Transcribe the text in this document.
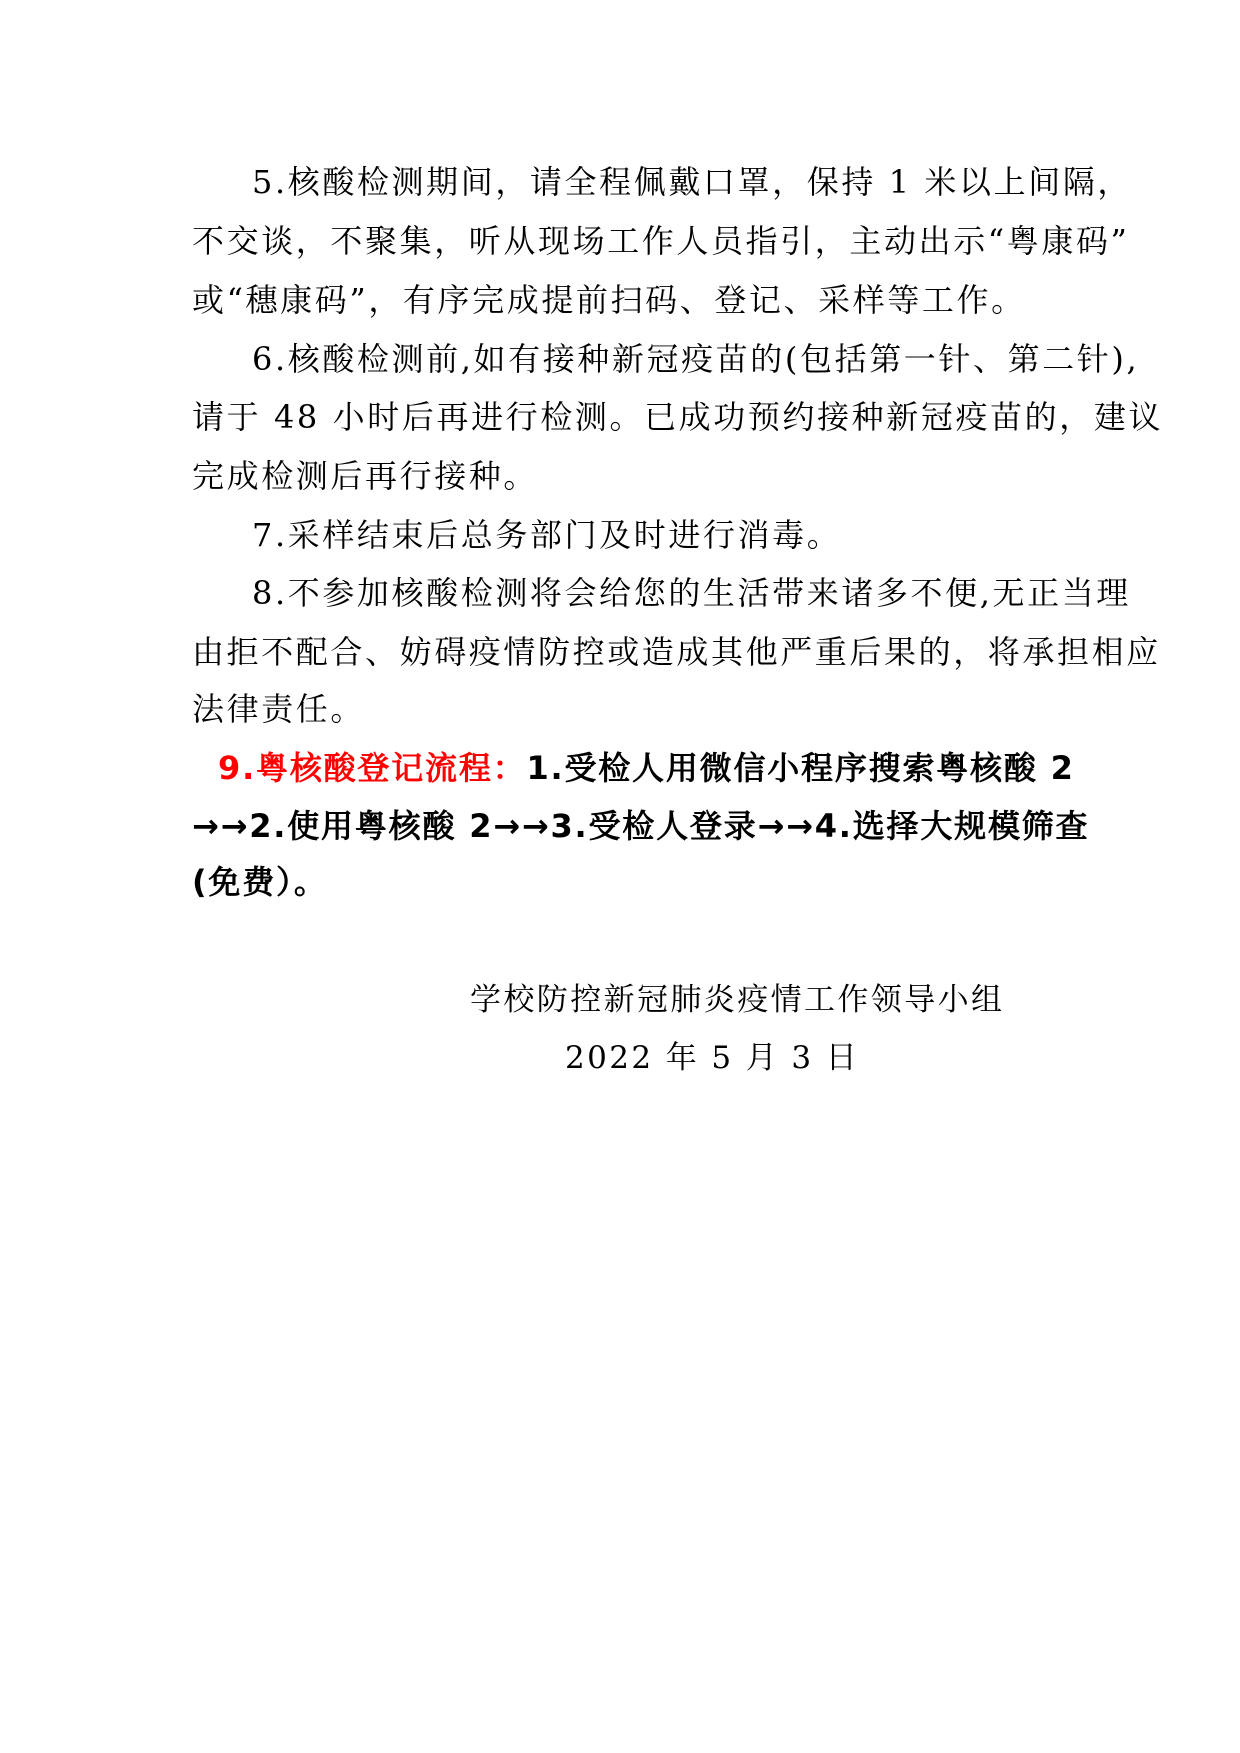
5.核酸检测期间，请全程佩戴口罩，保持 1 米以上间隔，
不交谈，不聚集，听从现场工作人员指引，主动出示“粤康码”
或“穗康码”，有序完成提前扫码、登记、采样等工作。
6.核酸检测前,如有接种新冠疫苗的(包括第一针、第二针),
请于 48 小时后再进行检测。已成功预约接种新冠疫苗的，建议
完成检测后再行接种。
7.采样结束后总务部门及时进行消毒。
8.不参加核酸检测将会给您的生活带来诸多不便,无正当理
由拒不配合、妨碍疫情防控或造成其他严重后果的，将承担相应
法律责任。
9.粤核酸登记流程：1.受检人用微信小程序搜索粤核酸 2
→→2.使用粤核酸 2→→3.受检人登录→→4.选择大规模筛查
(免费）。
学校防控新冠肺炎疫情工作领导小组
2022 年 5 月 3 日
